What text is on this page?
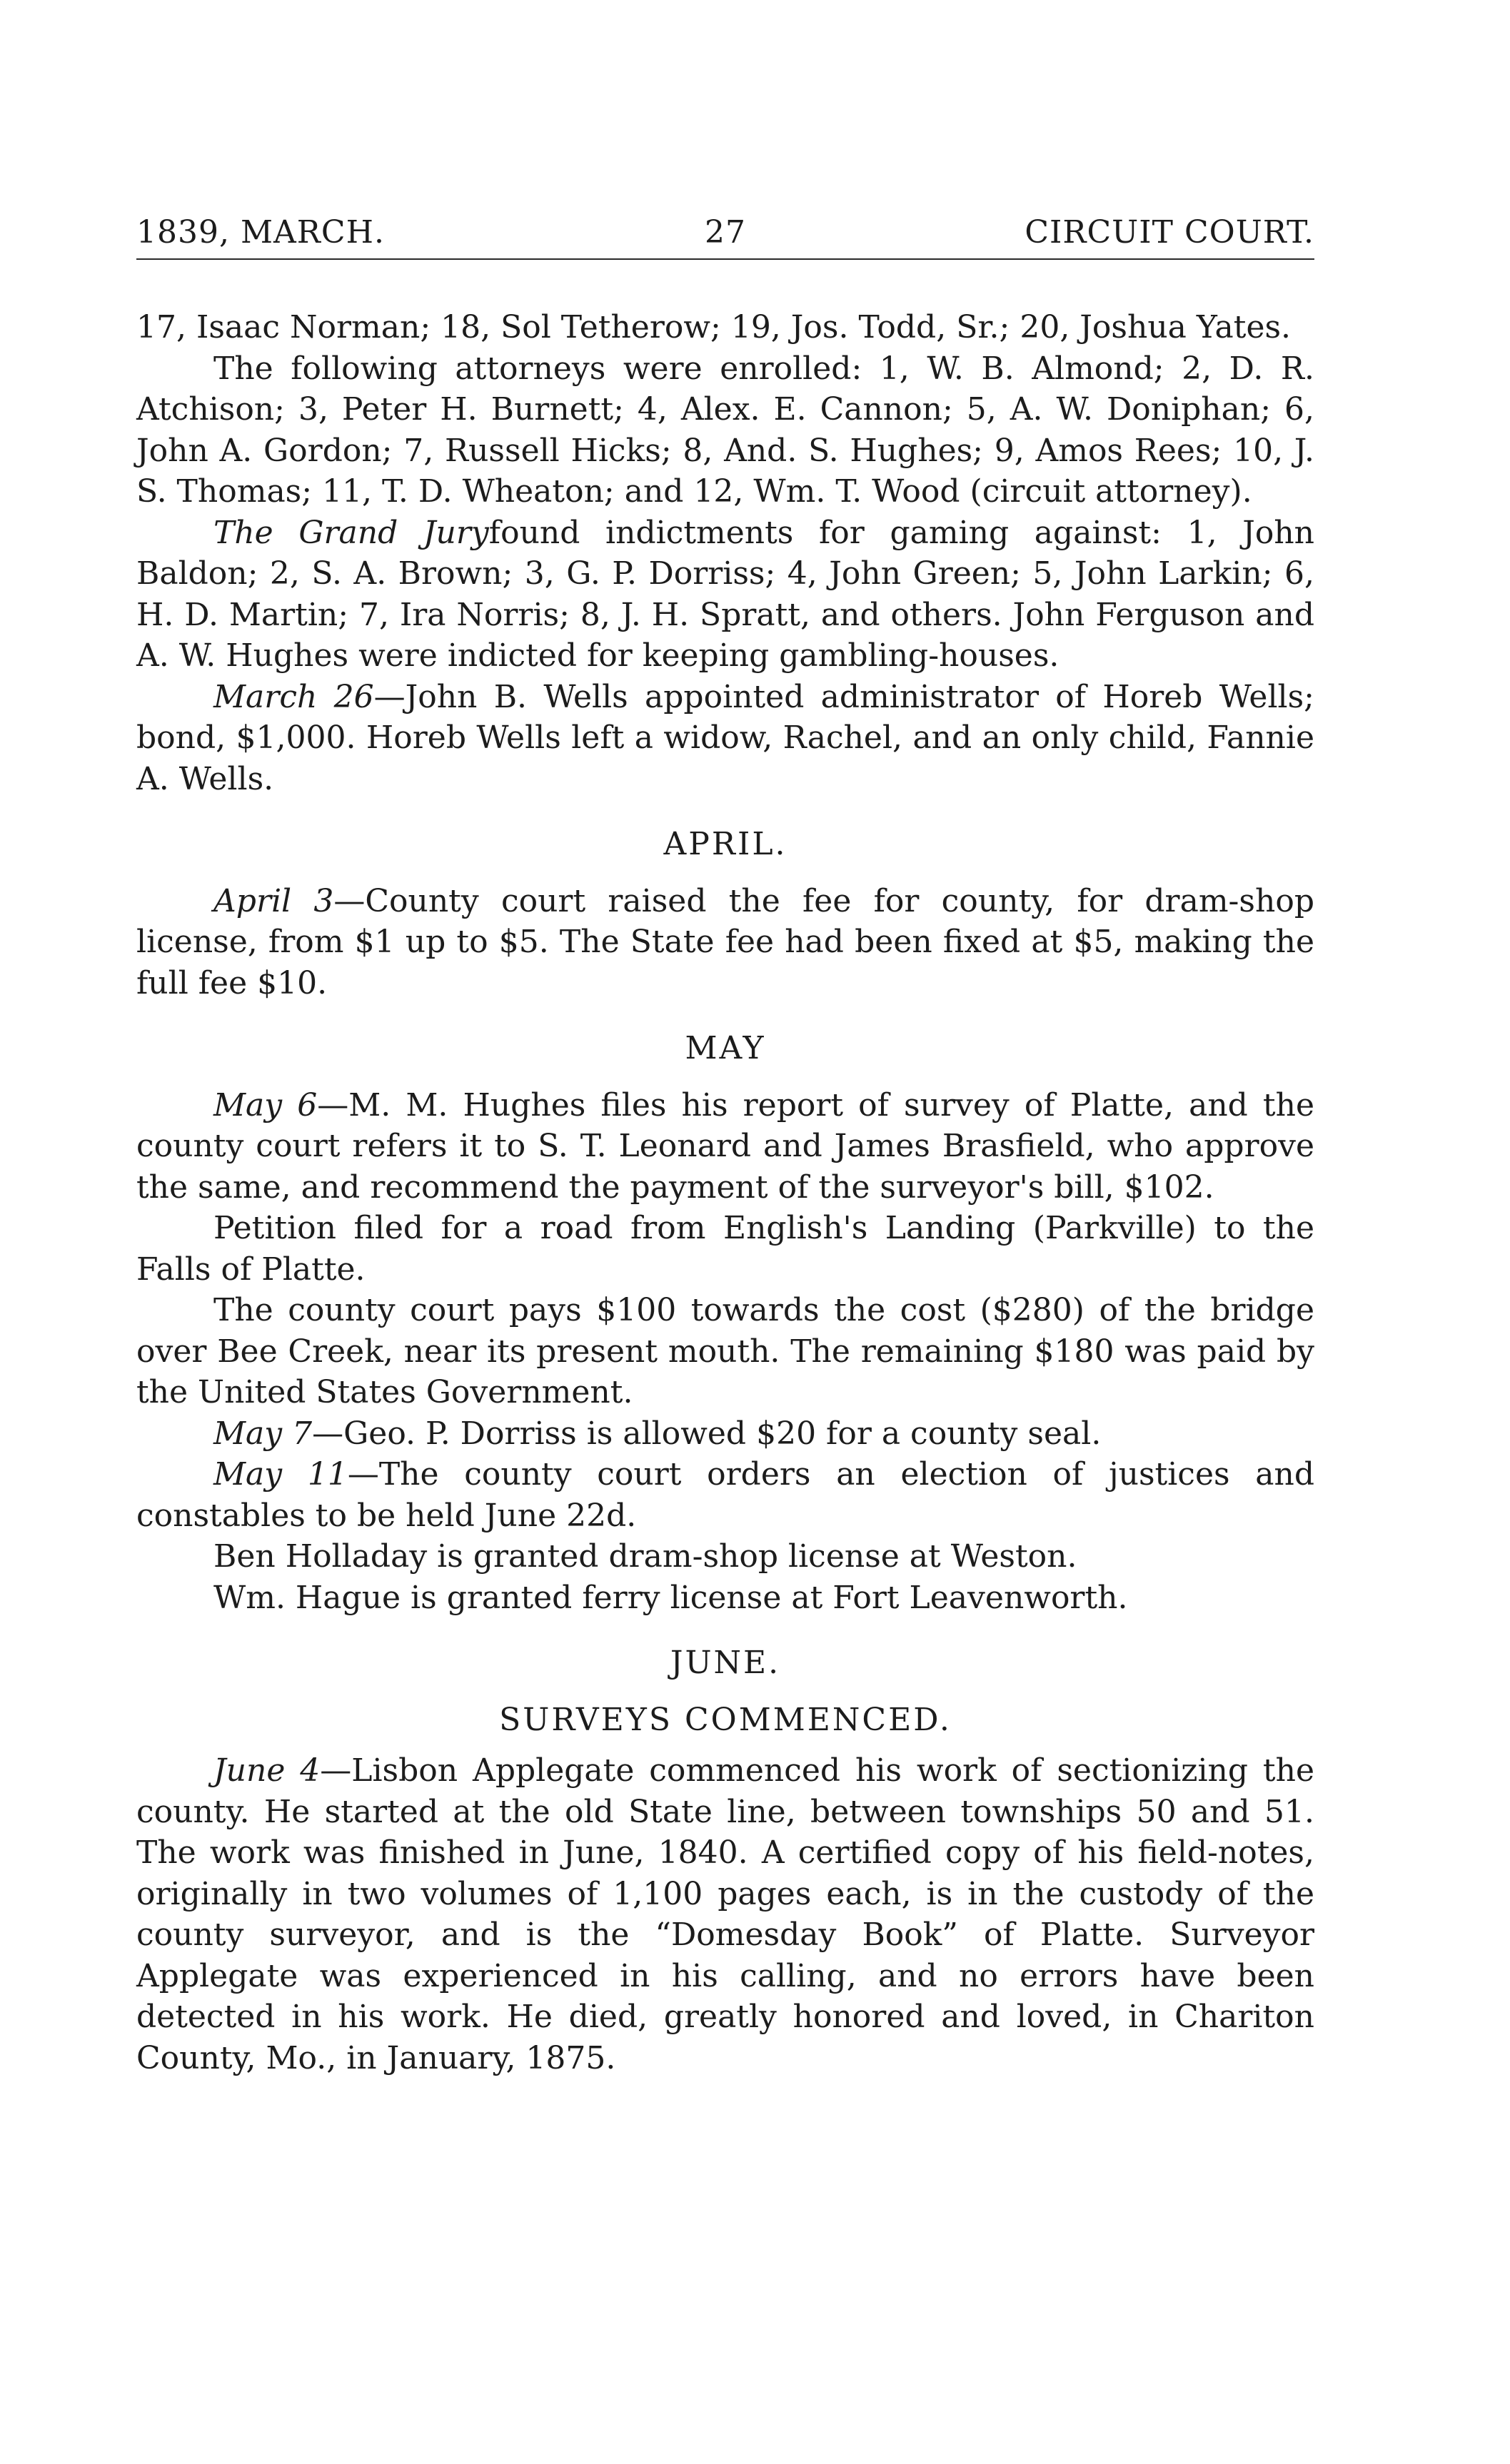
1839, MARCH.	27	CIRCUIT COURT.

17, Isaac Norman; 18, Sol Tetherow; 19, Jos. Todd, Sr.; 20, Joshua Yates.

The following attorneys were enrolled: 1, W. B. Almond; 2, D. R. Atchison; 3, Peter H. Burnett; 4, Alex. E. Cannon; 5, A. W. Doniphan; 6, John A. Gordon; 7, Russell Hicks; 8, And. S. Hughes; 9, Amos Rees; 10, J. S. Thomas; 11, T. D. Wheaton; and 12, Wm. T. Wood (circuit attorney).

The Grand Juryfound indictments for gaming against: 1, John Baldon; 2, S. A. Brown; 3, G. P. Dorriss; 4, John Green; 5, John Larkin; 6, H. D. Martin; 7, Ira Norris; 8, J. H. Spratt, and others. John Ferguson and A. W. Hughes were indicted for keeping gambling-houses.

March 26—John B. Wells appointed administrator of Horeb Wells; bond, $1,000. Horeb Wells left a widow, Rachel, and an only child, Fannie A. Wells.

APRIL.

April 3—County court raised the fee for county, for dram-shop license, from $1 up to $5. The State fee had been fixed at $5, making the full fee $10.

MAY

May 6—M. M. Hughes files his report of survey of Platte, and the county court refers it to S. T. Leonard and James Brasfield, who approve the same, and recommend the payment of the surveyor's bill, $102.

Petition filed for a road from English's Landing (Parkville) to the Falls of Platte.

The county court pays $100 towards the cost ($280) of the bridge over Bee Creek, near its present mouth. The remaining $180 was paid by the United States Government.

May 7—Geo. P. Dorriss is allowed $20 for a county seal.

May 11—The county court orders an election of justices and constables to be held June 22d.

Ben Holladay is granted dram-shop license at Weston.

Wm. Hague is granted ferry license at Fort Leavenworth.

JUNE.

SURVEYS COMMENCED.

June 4—Lisbon Applegate commenced his work of sectionizing the county. He started at the old State line, between townships 50 and 51. The work was finished in June, 1840. A certified copy of his field-notes, originally in two volumes of 1,100 pages each, is in the custody of the county surveyor, and is the “Domesday Book” of Platte. Surveyor Applegate was experienced in his calling, and no errors have been detected in his work. He died, greatly honored and loved, in Chariton County, Mo., in January, 1875.
